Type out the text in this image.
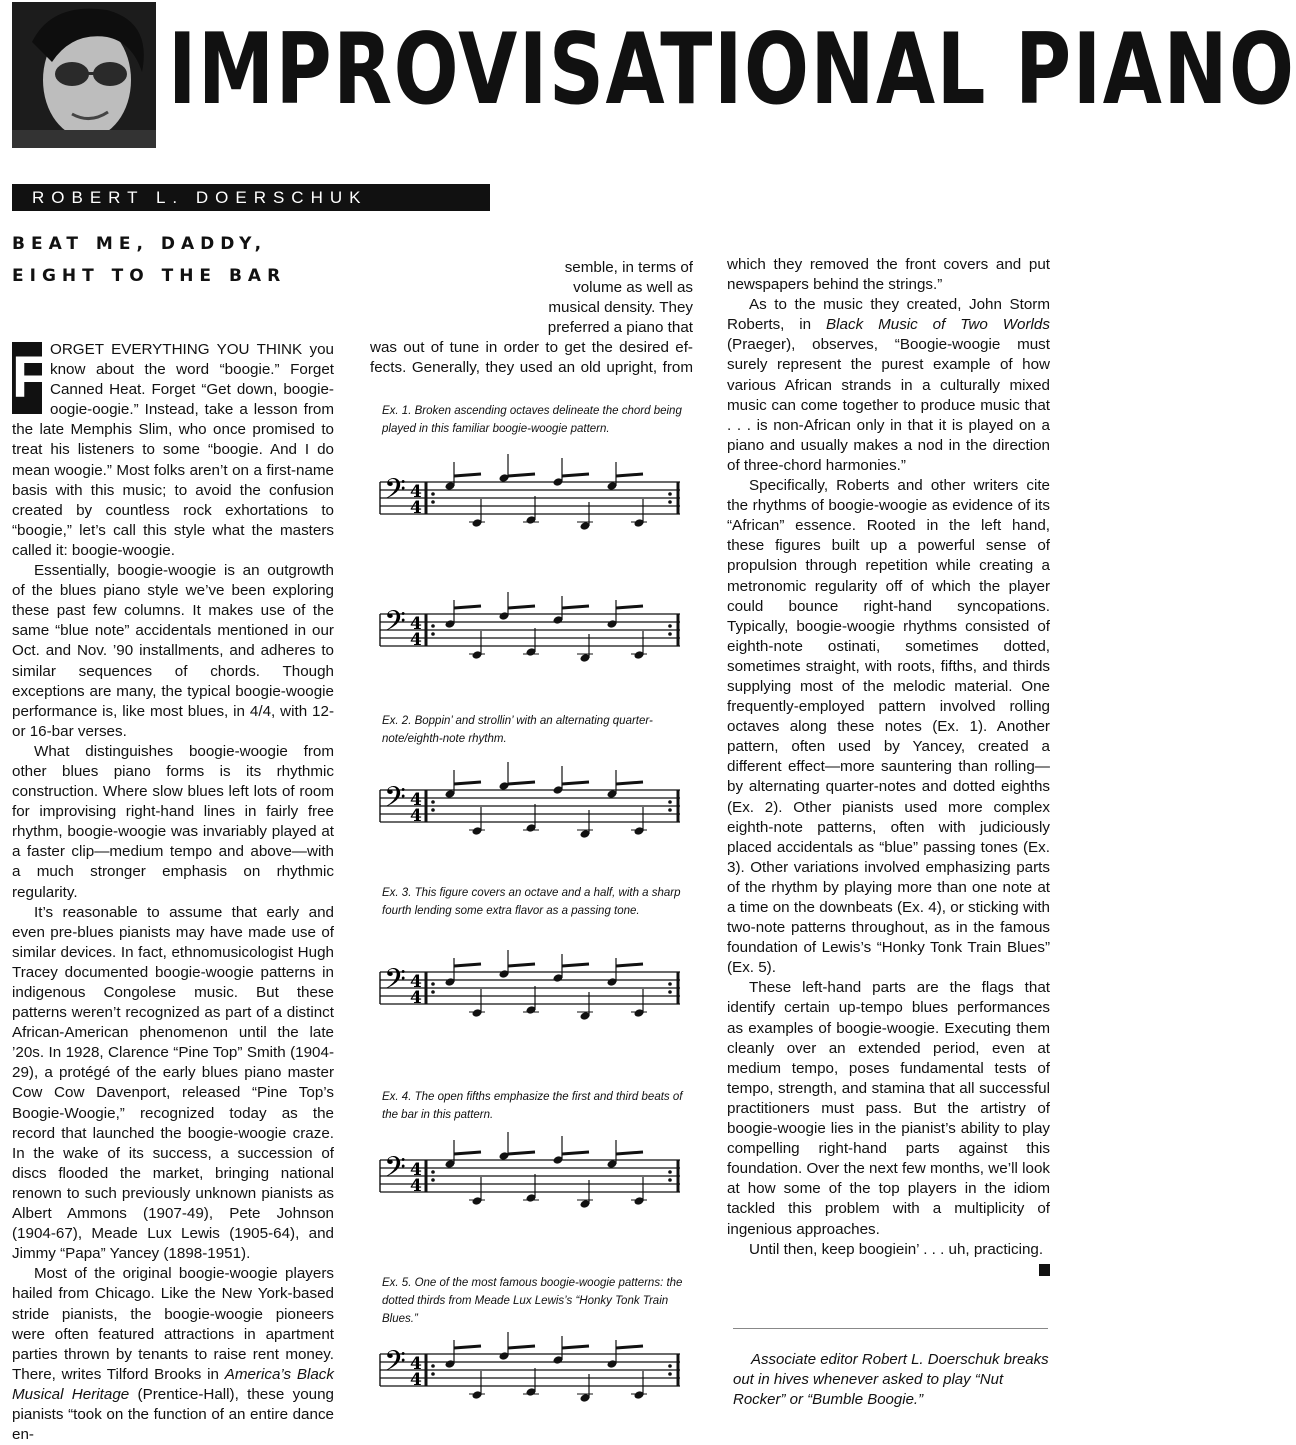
IMPROVISATIONAL PIANO
ROBERT L. DOERSCHUK
BEAT ME, DADDY,
EIGHT TO THE BAR

F ORGET EVERYTHING YOU THINK you know about the word “boogie.” Forget Canned Heat. Forget “Get down, boogie-oogie-oogie.” Instead, take a lesson from the late Memphis Slim, who once promised to treat his listeners to some “boogie. And I do mean woogie.” Most folks aren’t on a first-name basis with this music; to avoid the confusion created by countless rock exhortations to “boogie,” let’s call this style what the masters called it: boogie-woogie.

Essentially, boogie-woogie is an outgrowth of the blues piano style we’ve been exploring these past few columns. It makes use of the same “blue note” accidentals mentioned in our Oct. and Nov. ’90 installments, and adheres to similar sequences of chords. Though exceptions are many, the typical boogie-woogie performance is, like most blues, in 4/4, with 12- or 16-bar verses.

What distinguishes boogie-woogie from other blues piano forms is its rhythmic construction. Where slow blues left lots of room for improvising right-hand lines in fairly free rhythm, boogie-woogie was invariably played at a faster clip—medium tempo and above—with a much stronger emphasis on rhythmic regularity.

It’s reasonable to assume that early and even pre-blues pianists may have made use of similar devices. In fact, ethnomusicologist Hugh Tracey documented boogie-woogie patterns in indigenous Congolese music. But these patterns weren’t recognized as part of a distinct African-American phenomenon until the late ’20s. In 1928, Clarence “Pine Top” Smith (1904-29), a protégé of the early blues piano master Cow Cow Davenport, released “Pine Top’s Boogie-Woogie,” recognized today as the record that launched the boogie-woogie craze. In the wake of its success, a succession of discs flooded the market, bringing national renown to such previously unknown pianists as Albert Ammons (1907-49), Pete Johnson (1904-67), Meade Lux Lewis (1905-64), and Jimmy “Papa” Yancey (1898-1951).

Most of the original boogie-woogie players hailed from Chicago. Like the New York-based stride pianists, the boogie-woogie pioneers were often featured attractions in apartment parties thrown by tenants to raise rent money. There, writes Tilford Brooks in America’s Black Musical Heritage (Prentice-Hall), these young pianists “took on the function of an entire dance en-

semble, in terms of
volume as well as
musical density. They
preferred a piano that
was out of tune in order to get the desired ef-
fects. Generally, they used an old upright, from
Ex. 1. Broken ascending octaves delineate the chord being played in this familiar boogie-woogie pattern.
Ex. 2. Boppin’ and strollin’ with an alternating quarter-note/eighth-note rhythm.
Ex. 3. This figure covers an octave and a half, with a sharp fourth lending some extra flavor as a passing tone.
Ex. 4. The open fifths emphasize the first and third beats of the bar in this pattern.
Ex. 5. One of the most famous boogie-woogie patterns: the dotted thirds from Meade Lux Lewis’s “Honky Tonk Train Blues.”
𝄢 4
4
𝄢 4
4
𝄢 4
4
𝄢 4
4
𝄢 4
4
𝄢 4
4

which they removed the front covers and put newspapers behind the strings.”

As to the music they created, John Storm Roberts, in Black Music of Two Worlds (Praeger), observes, “Boogie-woogie must surely represent the purest example of how various African strands in a culturally mixed music can come together to produce music that . . . is non-African only in that it is played on a piano and usually makes a nod in the direction of three-chord harmonies.”

Specifically, Roberts and other writers cite the rhythms of boogie-woogie as evidence of its “African” essence. Rooted in the left hand, these figures built up a powerful sense of propulsion through repetition while creating a metronomic regularity off of which the player could bounce right-hand syncopations. Typically, boogie-woogie rhythms consisted of eighth-note ostinati, sometimes dotted, sometimes straight, with roots, fifths, and thirds supplying most of the melodic material. One frequently-employed pattern involved rolling octaves along these notes (Ex. 1). Another pattern, often used by Yancey, created a different effect—more sauntering than rolling—by alternating quarter-notes and dotted eighths (Ex. 2). Other pianists used more complex eighth-note patterns, often with judiciously placed accidentals as “blue” passing tones (Ex. 3). Other variations involved emphasizing parts of the rhythm by playing more than one note at a time on the downbeats (Ex. 4), or sticking with two-note patterns throughout, as in the famous foundation of Lewis’s “Honky Tonk Train Blues” (Ex. 5).

These left-hand parts are the flags that identify certain up-tempo blues performances as examples of boogie-woogie. Executing them cleanly over an extended period, even at medium tempo, poses fundamental tests of tempo, strength, and stamina that all successful practitioners must pass. But the artistry of boogie-woogie lies in the pianist’s ability to play compelling right-hand parts against this foundation. Over the next few months, we’ll look at how some of the top players in the idiom tackled this problem with a multiplicity of ingenious approaches.

Until then, keep boogiein’ . . . uh, practicing.

Associate editor Robert L. Doerschuk breaks out in hives whenever asked to play “Nut Rocker” or “Bumble Boogie.”
